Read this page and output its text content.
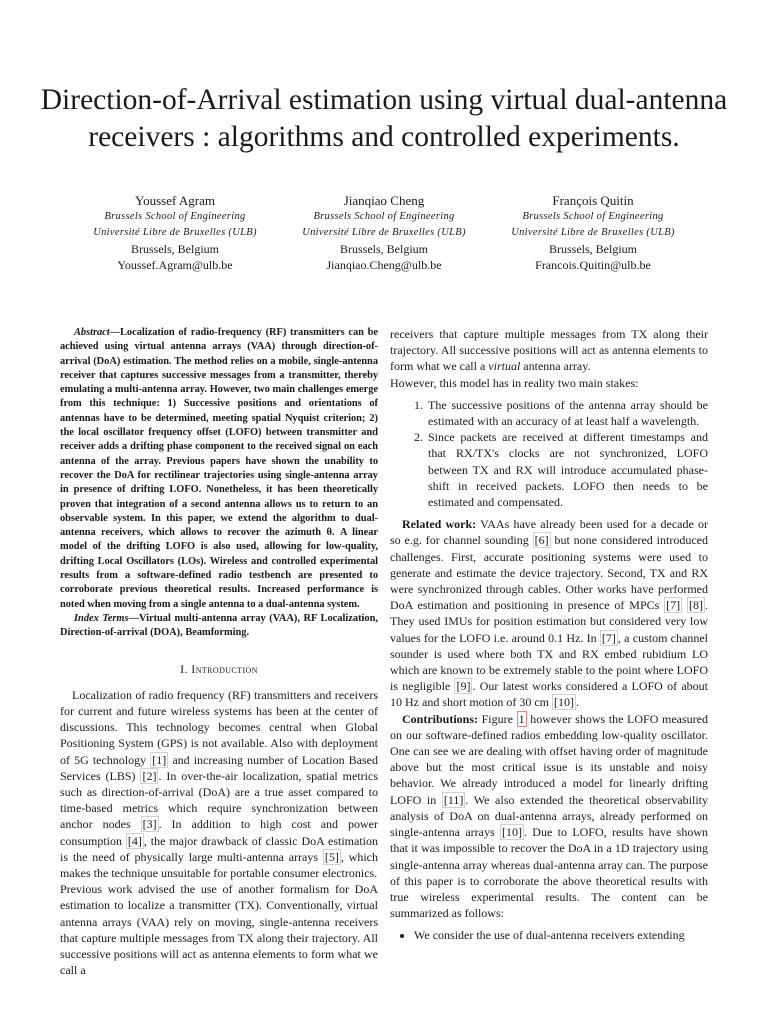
Direction-of-Arrival estimation using virtual dual-antenna receivers : algorithms and controlled experiments.
Youssef Agram
Brussels School of Engineering
Université Libre de Bruxelles (ULB)
Brussels, Belgium
Youssef.Agram@ulb.be
Jianqiao Cheng
Brussels School of Engineering
Université Libre de Bruxelles (ULB)
Brussels, Belgium
Jianqiao.Cheng@ulb.be
François Quitin
Brussels School of Engineering
Université Libre de Bruxelles (ULB)
Brussels, Belgium
Francois.Quitin@ulb.be

Abstract—Localization of radio-frequency (RF) transmitters can be achieved using virtual antenna arrays (VAA) through direction-of-arrival (DoA) estimation. The method relies on a mobile, single-antenna receiver that captures successive messages from a transmitter, thereby emulating a multi-antenna array. However, two main challenges emerge from this technique: 1) Successive positions and orientations of antennas have to be determined, meeting spatial Nyquist criterion; 2) the local oscillator frequency offset (LOFO) between transmitter and receiver adds a drifting phase component to the received signal on each antenna of the array. Previous papers have shown the unability to recover the DoA for rectilinear trajectories using single-antenna array in presence of drifting LOFO. Nonetheless, it has been theoretically proven that integration of a second antenna allows us to return to an observable system. In this paper, we extend the algorithm to dual-antenna receivers, which allows to recover the azimuth θ. A linear model of the drifting LOFO is also used, allowing for low-quality, drifting Local Oscillators (LOs). Wireless and controlled experimental results from a software-defined radio testbench are presented to corroborate previous theoretical results. Increased performance is noted when moving from a single antenna to a dual-antenna system.

Index Terms—Virtual multi-antenna array (VAA), RF Localization, Direction-of-arrival (DOA), Beamforming.

I. Introduction

Localization of radio frequency (RF) transmitters and receivers for current and future wireless systems has been at the center of discussions. This technology becomes central when Global Positioning System (GPS) is not available. Also with deployment of 5G technology [1] and increasing number of Location Based Services (LBS) [2] . In over-the-air localization, spatial metrics such as direction-of-arrival (DoA) are a true asset compared to time-based metrics which require synchronization between anchor nodes [3] . In addition to high cost and power consumption [4] , the major drawback of classic DoA estimation is the need of physically large multi-antenna arrays [5] , which makes the technique unsuitable for portable consumer electronics.

Previous work advised the use of another formalism for DoA estimation to localize a transmitter (TX). Conventionally, virtual antenna arrays (VAA) rely on moving, single-antenna receivers that capture multiple messages from TX along their trajectory. All successive positions will act as antenna elements to form what we call a

receivers that capture multiple messages from TX along their trajectory. All successive positions will act as antenna elements to form what we call a virtual antenna array.

However, this model has in reality two main stakes:

1. The successive positions of the antenna array should be estimated with an accuracy of at least half a wavelength.
2. Since packets are received at different timestamps and that RX/TX's clocks are not synchronized, LOFO between TX and RX will introduce accumulated phase-shift in received packets. LOFO then needs to be estimated and compensated.

Related work: VAAs have already been used for a decade or so e.g. for channel sounding [6] but none considered introduced challenges. First, accurate positioning systems were used to generate and estimate the device trajectory. Second, TX and RX were synchronized through cables. Other works have performed DoA estimation and positioning in presence of MPCs [7] [8] . They used IMUs for position estimation but considered very low values for the LOFO i.e. around 0.1 Hz. In [7] , a custom channel sounder is used where both TX and RX embed rubidium LO which are known to be extremely stable to the point where LOFO is negligible [9] . Our latest works considered a LOFO of about 10 Hz and short motion of 30 cm [10] .

Contributions: Figure 1 however shows the LOFO measured on our software-defined radios embedding low-quality oscillator. One can see we are dealing with offset having order of magnitude above but the most critical issue is its unstable and noisy behavior. We already introduced a model for linearly drifting LOFO in [11] . We also extended the theoretical observability analysis of DoA on dual-antenna arrays, already performed on single-antenna arrays [10] . Due to LOFO, results have shown that it was impossible to recover the DoA in a 1D trajectory using single-antenna array whereas dual-antenna array can. The purpose of this paper is to corroborate the above theoretical results with true wireless experimental results. The content can be summarized as follows:

• We consider the use of dual-antenna receivers extending
